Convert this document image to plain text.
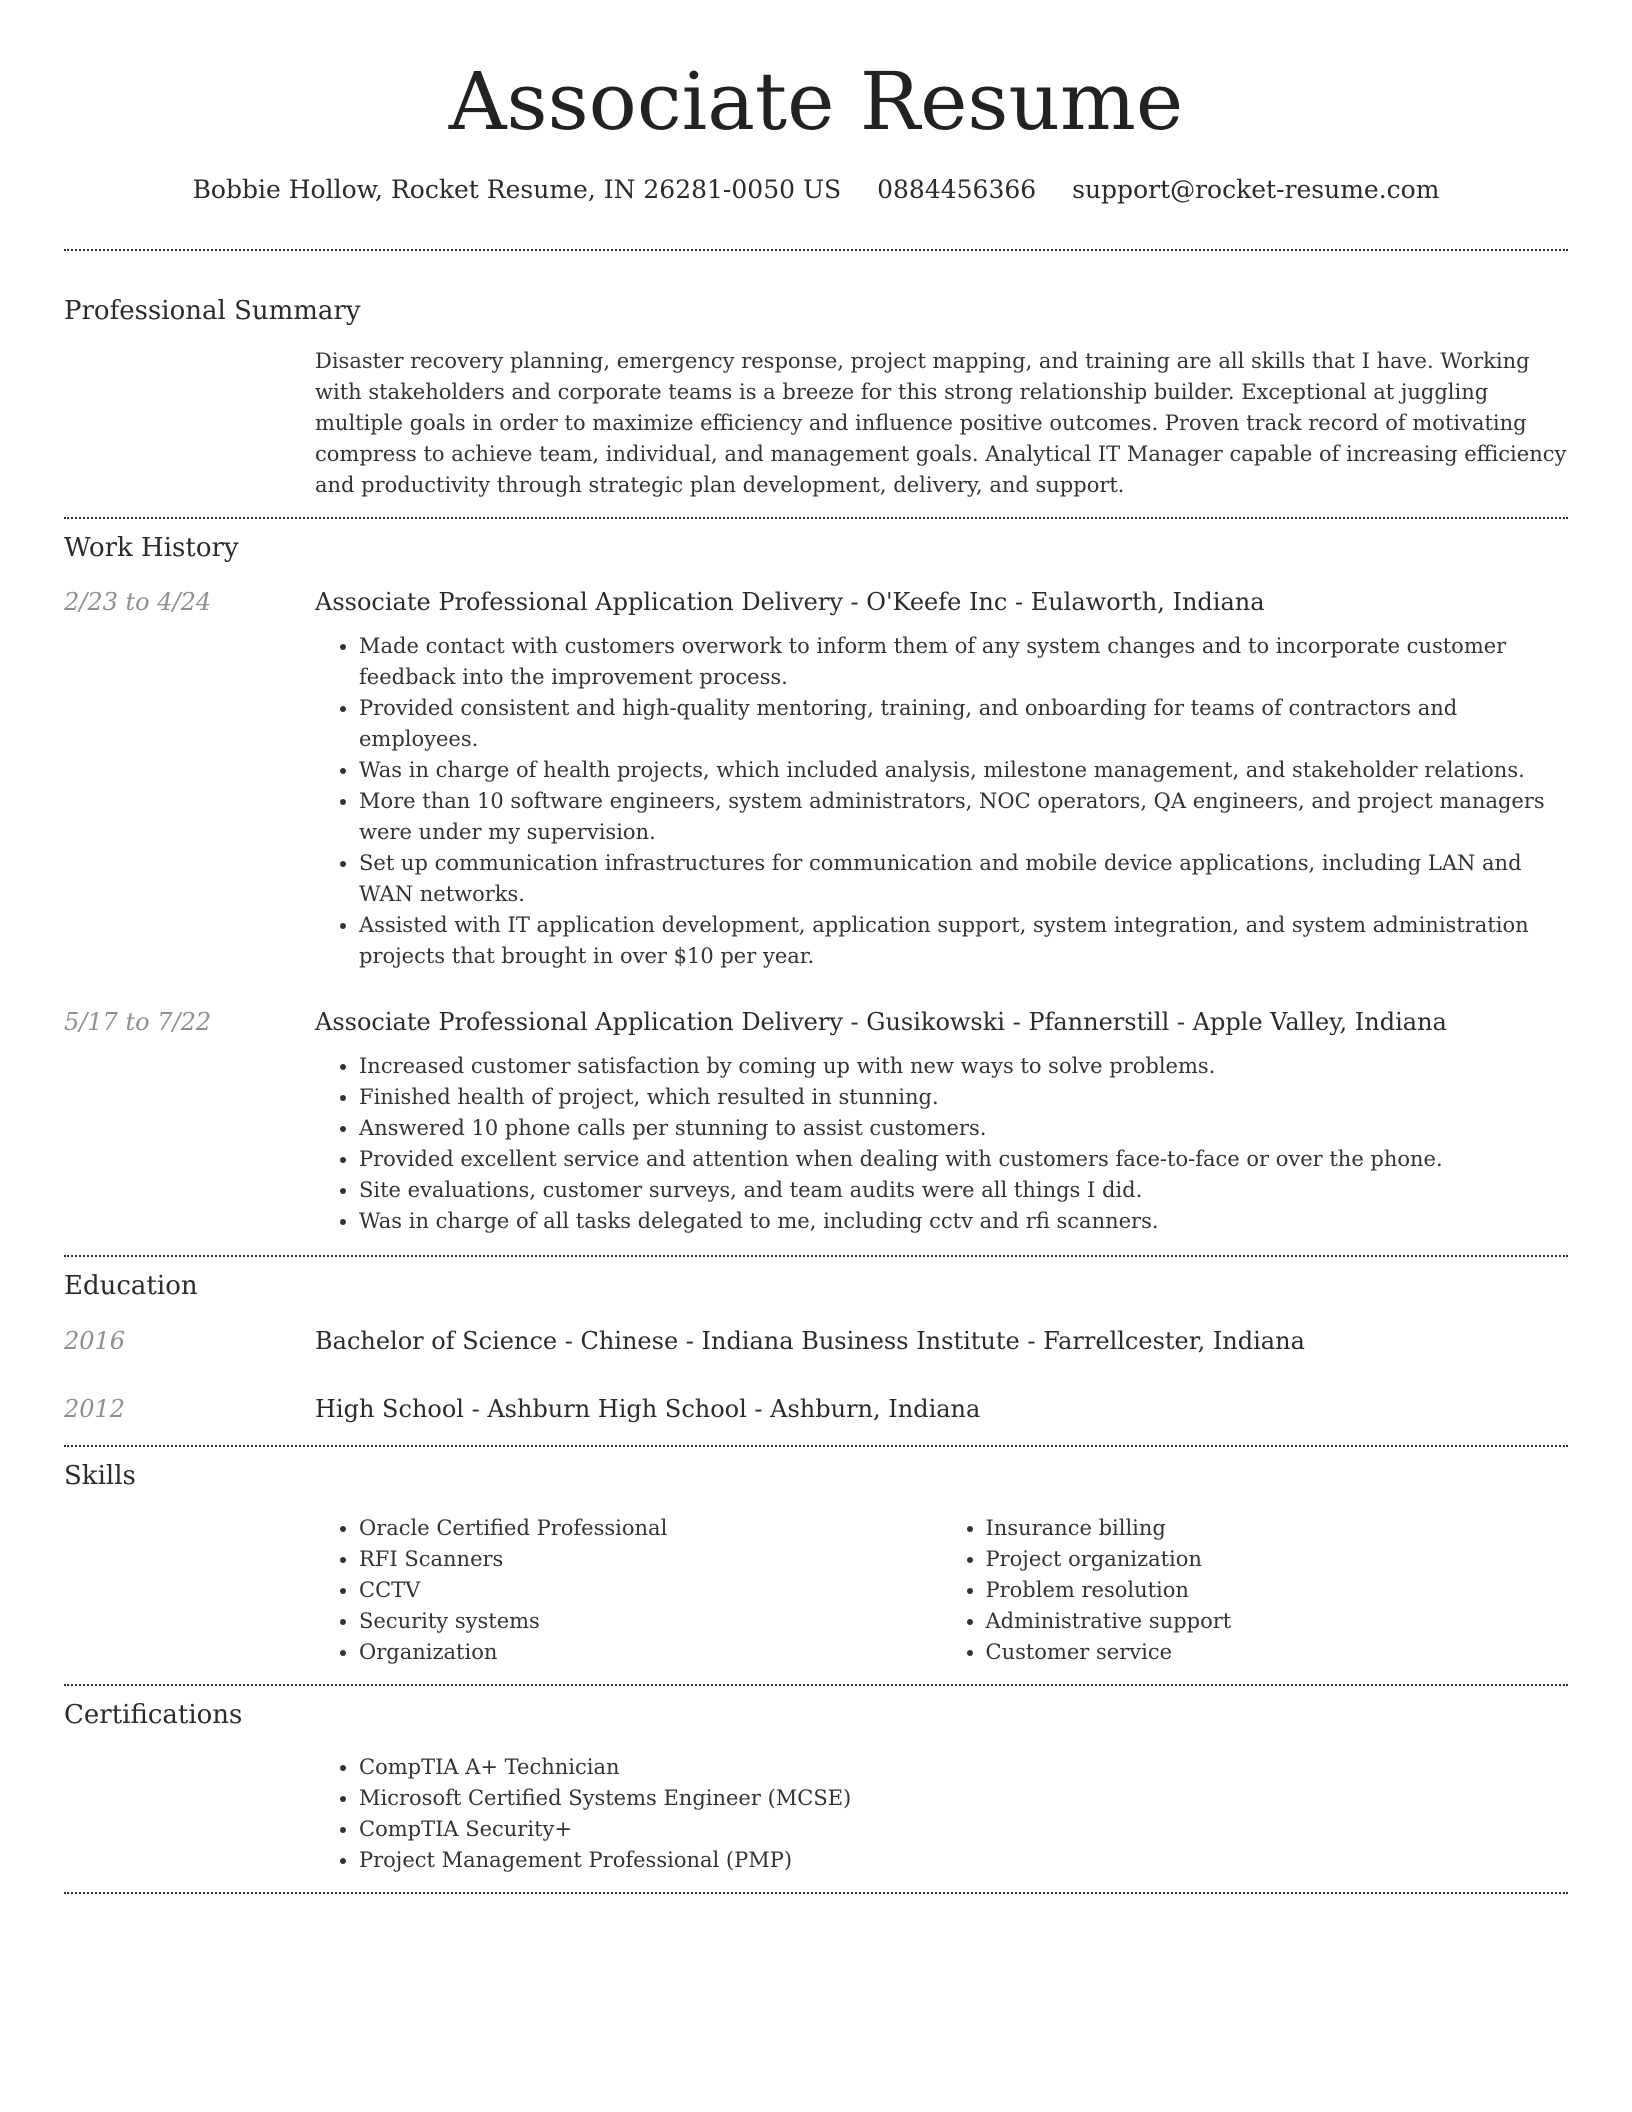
Associate Resume
Bobbie Hollow, Rocket Resume, IN 26281-0050 US 0884456366 support@rocket-resume.com
Professional Summary

Disaster recovery planning, emergency response, project mapping, and training are all skills that I have. Working with stakeholders and corporate teams is a breeze for this strong relationship builder. Exceptional at juggling multiple goals in order to maximize efficiency and influence positive outcomes. Proven track record of motivating compress to achieve team, individual, and management goals. Analytical IT Manager capable of increasing efficiency and productivity through strategic plan development, delivery, and support.

Work History
2/23 to 4/24	Associate Professional Application Delivery - O'Keefe Inc - Eulaworth, Indiana
• Made contact with customers overwork to inform them of any system changes and to incorporate customer feedback into the improvement process.
• Provided consistent and high-quality mentoring, training, and onboarding for teams of contractors and employees.
• Was in charge of health projects, which included analysis, milestone management, and stakeholder relations.
• More than 10 software engineers, system administrators, NOC operators, QA engineers, and project managers were under my supervision.
• Set up communication infrastructures for communication and mobile device applications, including LAN and WAN networks.
• Assisted with IT application development, application support, system integration, and system administration projects that brought in over $10 per year.
5/17 to 7/22	Associate Professional Application Delivery - Gusikowski - Pfannerstill - Apple Valley, Indiana
• Increased customer satisfaction by coming up with new ways to solve problems.
• Finished health of project, which resulted in stunning.
• Answered 10 phone calls per stunning to assist customers.
• Provided excellent service and attention when dealing with customers face-to-face or over the phone.
• Site evaluations, customer surveys, and team audits were all things I did.
• Was in charge of all tasks delegated to me, including cctv and rfi scanners.
Education
2016	Bachelor of Science - Chinese - Indiana Business Institute - Farrellcester, Indiana
2012	High School - Ashburn High School - Ashburn, Indiana
Skills
• Oracle Certified Professional
• RFI Scanners
• CCTV
• Security systems
• Organization
• Insurance billing
• Project organization
• Problem resolution
• Administrative support
• Customer service
Certifications
• CompTIA A+ Technician
• Microsoft Certified Systems Engineer (MCSE)
• CompTIA Security+
• Project Management Professional (PMP)
